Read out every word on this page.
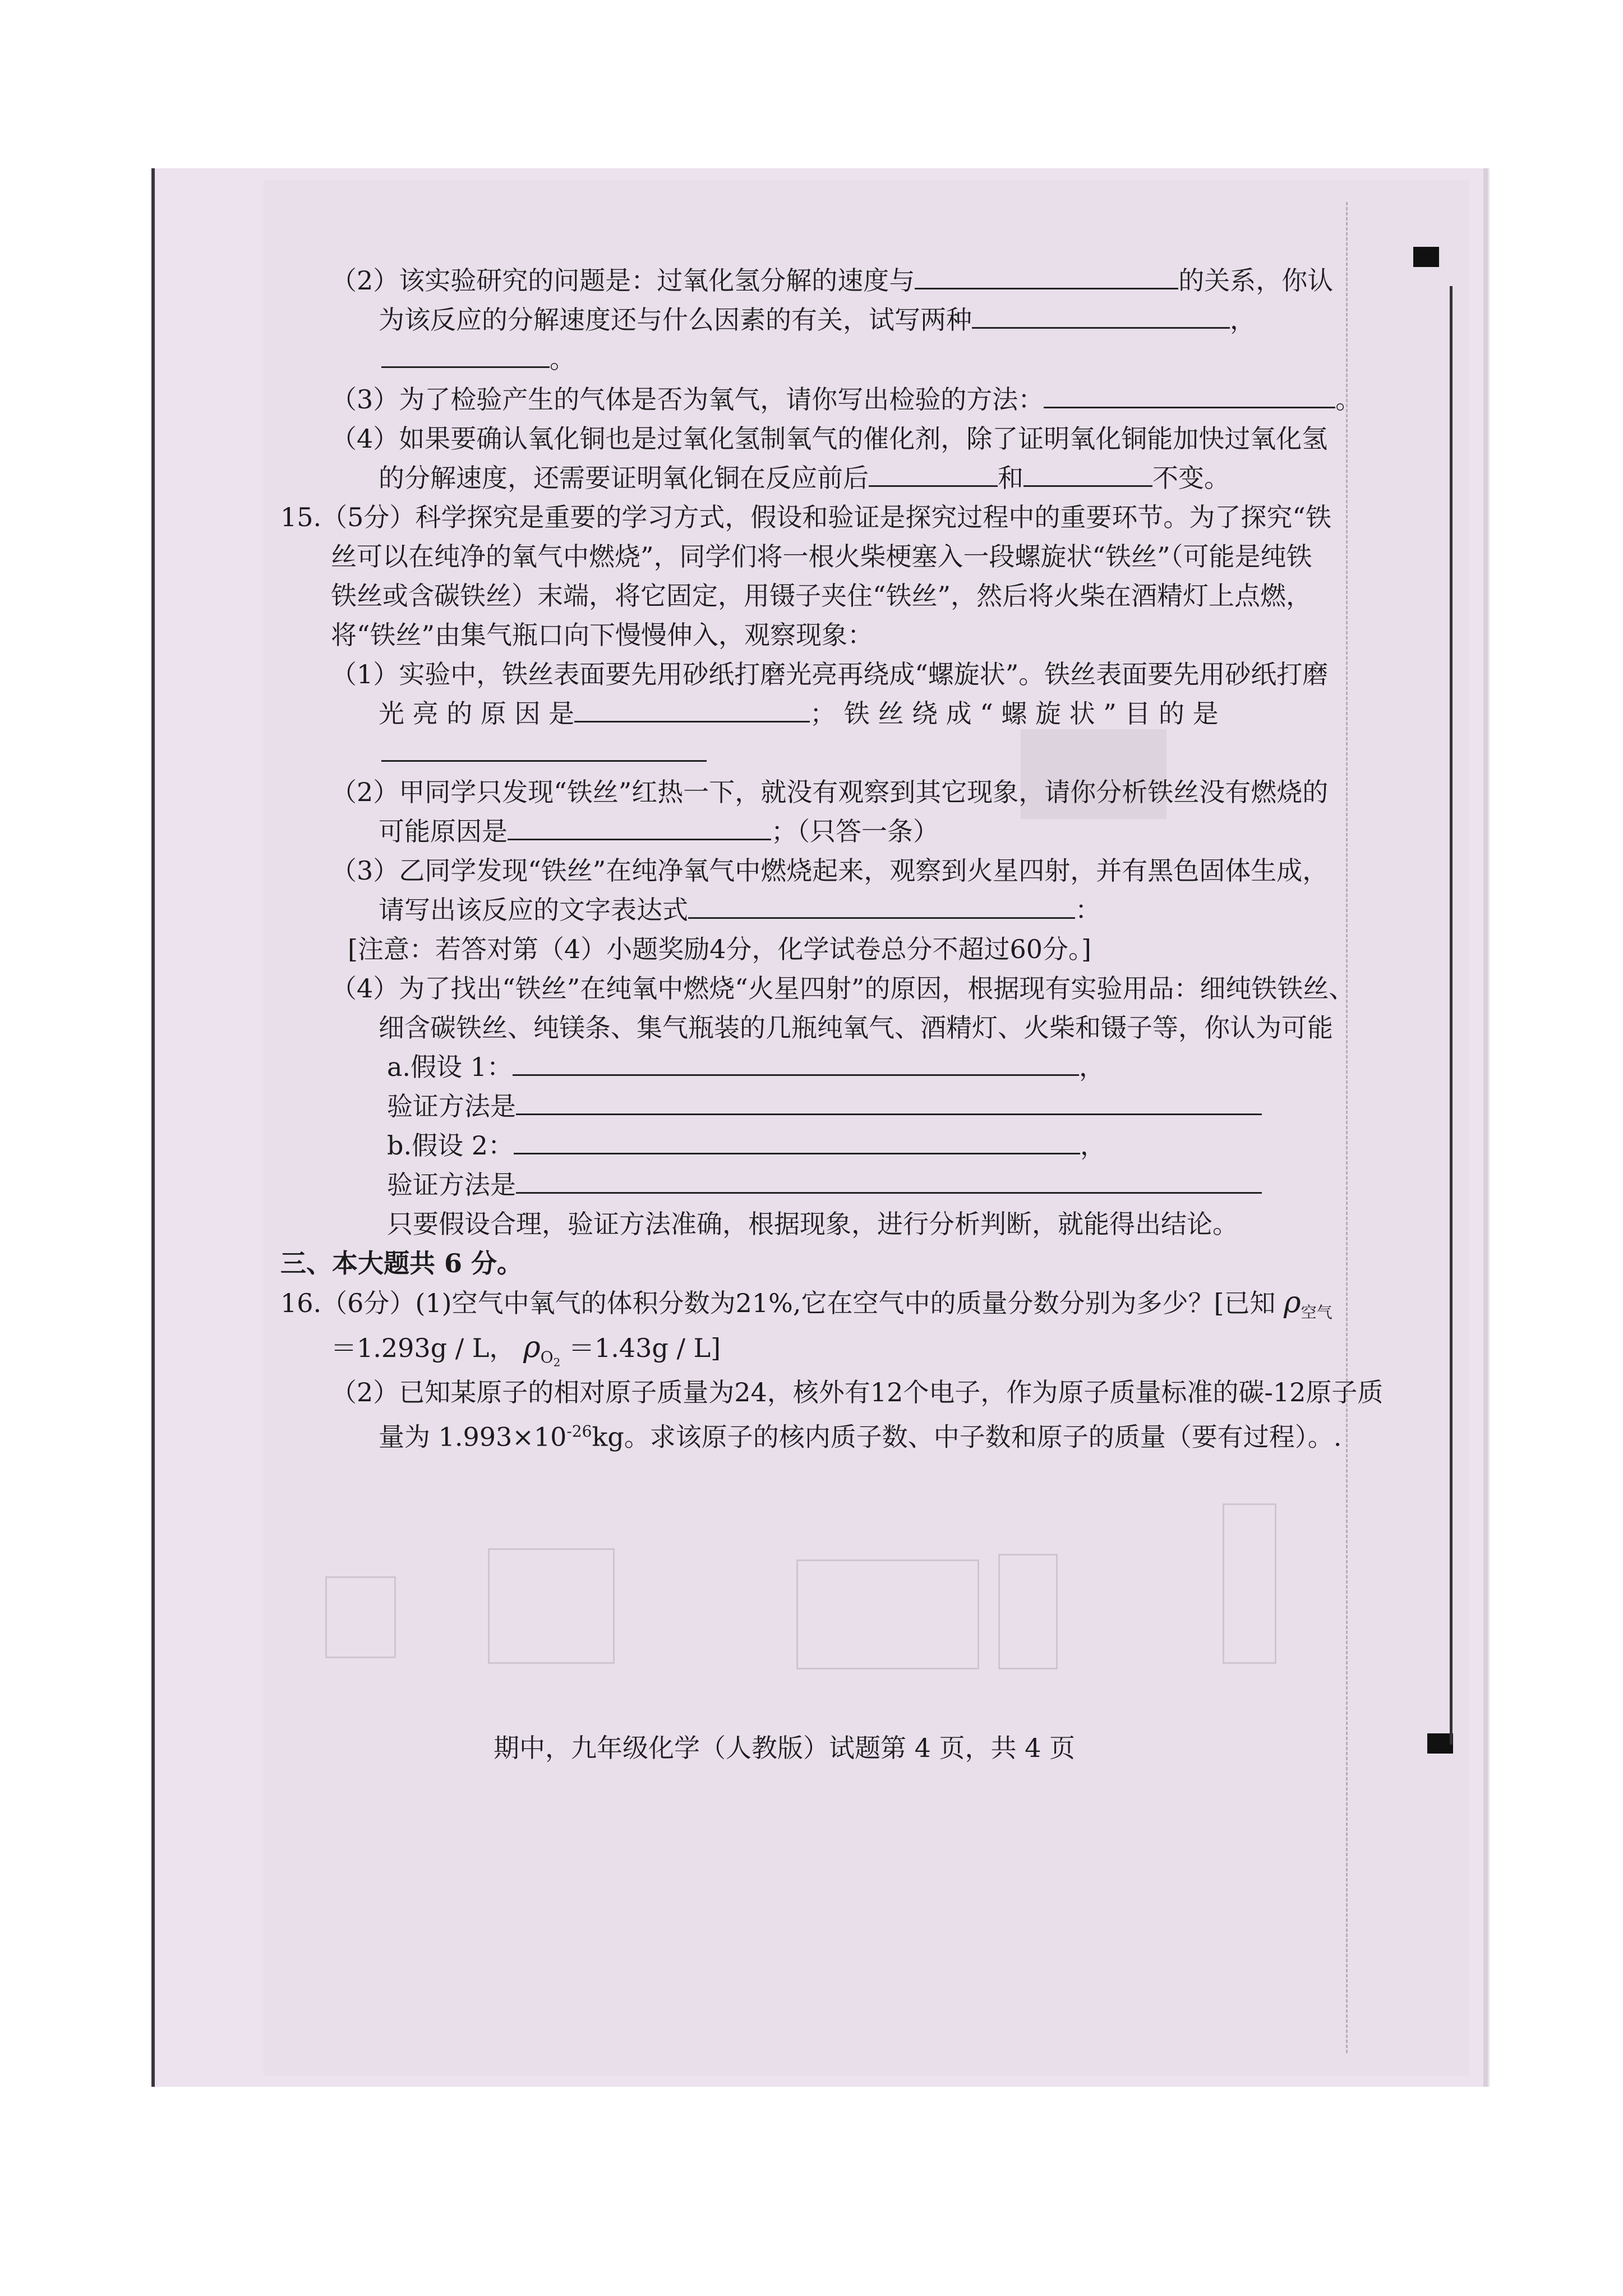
（2）该实验研究的问题是：过氧化氢分解的速度与	的关系，你认
为该反应的分解速度还与什么因素的有关，试写两种	，
。
（3）为了检验产生的气体是否为氧气，请你写出检验的方法：	。
（4）如果要确认氧化铜也是过氧化氢制氧气的催化剂，除了证明氧化铜能加快过氧化氢
的分解速度，还需要证明氧化铜在反应前后	和	不变。
15.（5分）科学探究是重要的学习方式，假设和验证是探究过程中的重要环节。为了探究“铁
丝可以在纯净的氧气中燃烧”，同学们将一根火柴梗塞入一段螺旋状“铁丝”（可能是纯铁
铁丝或含碳铁丝）末端，将它固定，用镊子夹住“铁丝”，然后将火柴在酒精灯上点燃，
将“铁丝”由集气瓶口向下慢慢伸入，观察现象：
（1）实验中，铁丝表面要先用砂纸打磨光亮再绕成“螺旋状”。铁丝表面要先用砂纸打磨
光 亮 的 原 因 是	； 铁 丝 绕 成 “ 螺 旋 状 ” 目 的 是
（2）甲同学只发现“铁丝”红热一下，就没有观察到其它现象，请你分析铁丝没有燃烧的
可能原因是	；（只答一条）
（3）乙同学发现“铁丝”在纯净氧气中燃烧起来，观察到火星四射，并有黑色固体生成，
请写出该反应的文字表达式	：
[注意：若答对第（4）小题奖励4分，化学试卷总分不超过60分。]
（4）为了找出“铁丝”在纯氧中燃烧“火星四射”的原因，根据现有实验用品：细纯铁铁丝、
细含碳铁丝、纯镁条、集气瓶装的几瓶纯氧气、酒精灯、火柴和镊子等，你认为可能
a.假设 1：	，
验证方法是
b.假设 2：	，
验证方法是
只要假设合理，验证方法准确，根据现象，进行分析判断，就能得出结论。
三、本大题共 6 分。
16.（6分）(1)空气中氧气的体积分数为21%,它在空气中的质量分数分别为多少？[已知 $\rho_{空气}$
＝1.293g / L， $\rho_{O_2} =1.43g / L$]
（2）已知某原子的相对原子质量为24，核外有12个电子，作为原子质量标准的碳-12原子质
量为 $1.993\times 10^{-26}kg$。求该原子的核内质子数、中子数和原子的质量（要有过程）。.
期中，九年级化学（人教版）试题第 4 页，共 4 页
